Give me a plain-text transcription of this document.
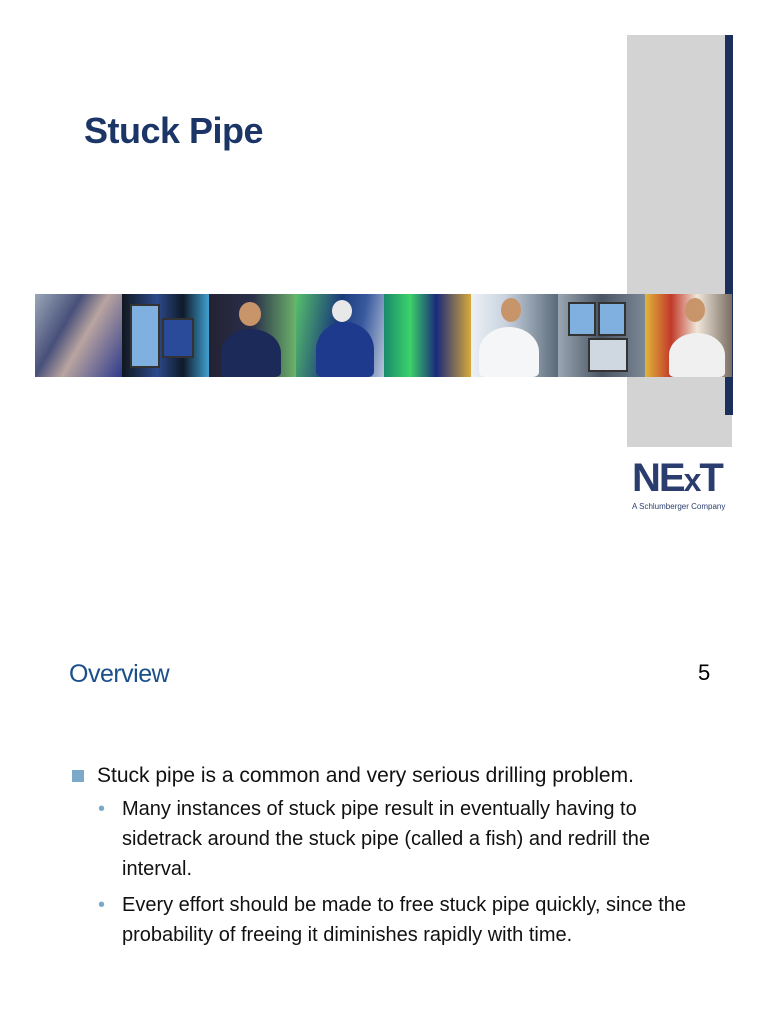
Stuck Pipe
NExT
A Schlumberger Company
Overview	5
Stuck pipe is a common and very serious drilling problem.
• Many instances of stuck pipe result in eventually having to sidetrack around the stuck pipe (called a fish) and redrill the interval.
• Every effort should be made to free stuck pipe quickly, since the probability of freeing it diminishes rapidly with time.
